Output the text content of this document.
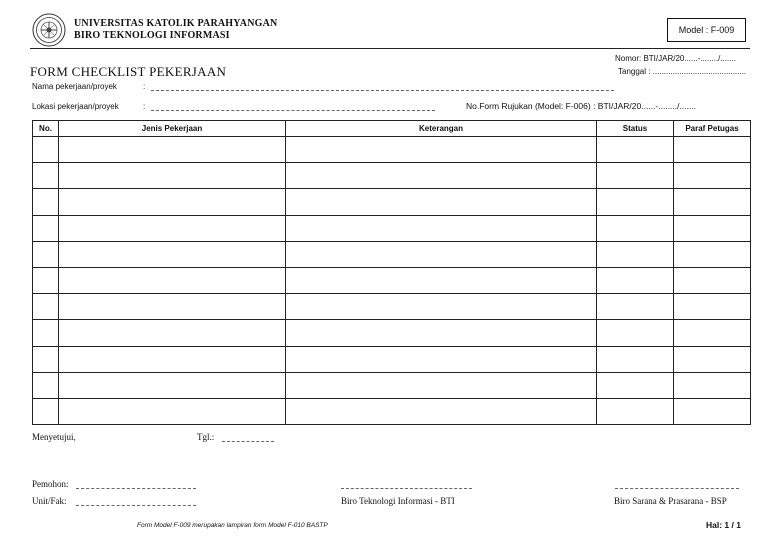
UNIVERSITAS KATOLIK PARAHYANGAN
BIRO TEKNOLOGI INFORMASI	Model : F-009
Nomor: BTI/JAR/20......-......../.......
Tanggal : ..........................................
FORM CHECKLIST PEKERJAAN
Nama pekerjaan/proyek	:
Lokasi pekerjaan/proyek	:	No.Form Rujukan (Model: F-006) : BTI/JAR/20......-......../.......
No.	Jenis Pekerjaan	Keterangan	Status	Paraf Petugas

Menyetujui,	Tgl.:
Pemohon:
Unit/Fak:	Biro Teknologi Informasi - BTI	Biro Sarana & Prasarana - BSP
Form Model F-009 merupakan lampiran form Model F-010 BASTP	Hal: 1 / 1
